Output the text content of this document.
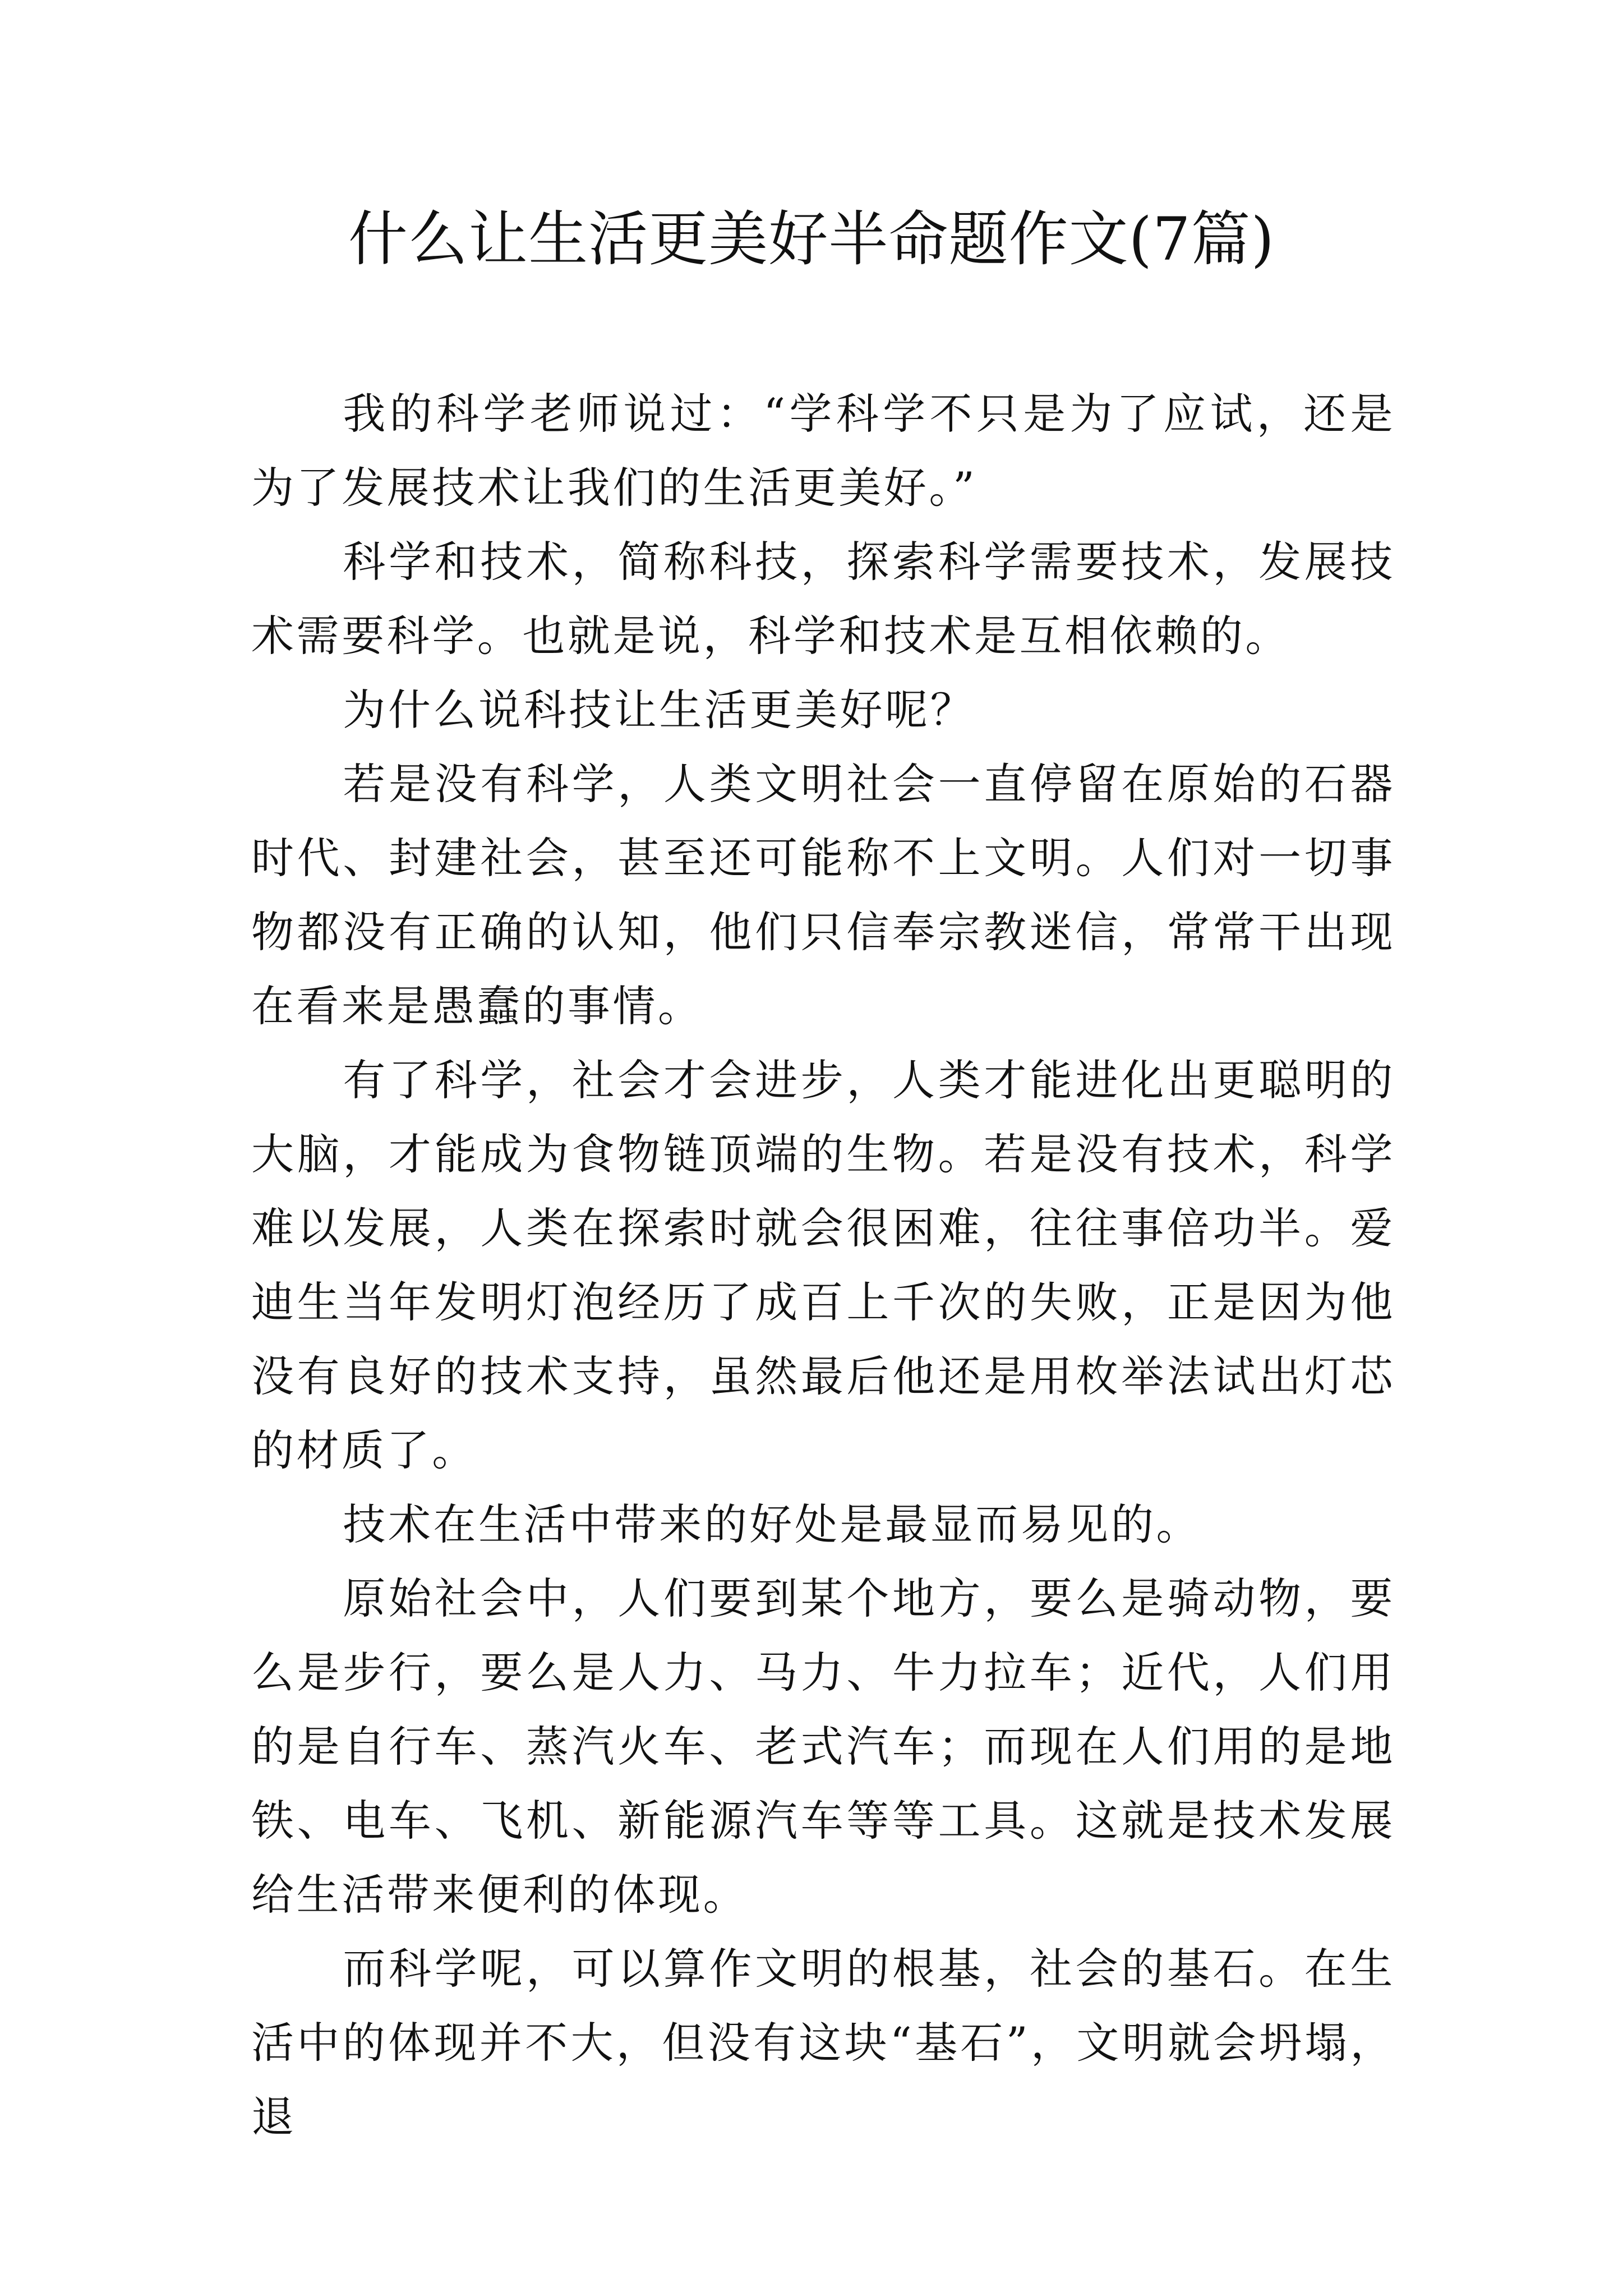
什么让生活更美好半命题作文(7篇)

我的科学老师说过：“学科学不只是为了应试，还是为了发展技术让我们的生活更美好。”

科学和技术，简称科技，探索科学需要技术，发展技术需要科学。也就是说，科学和技术是互相依赖的。

为什么说科技让生活更美好呢？

若是没有科学，人类文明社会一直停留在原始的石器时代、封建社会，甚至还可能称不上文明。人们对一切事物都没有正确的认知，他们只信奉宗教迷信，常常干出现在看来是愚蠢的事情。

有了科学，社会才会进步，人类才能进化出更聪明的大脑，才能成为食物链顶端的生物。若是没有技术，科学难以发展，人类在探索时就会很困难，往往事倍功半。爱迪生当年发明灯泡经历了成百上千次的失败，正是因为他没有良好的技术支持，虽然最后他还是用枚举法试出灯芯的材质了。

技术在生活中带来的好处是最显而易见的。

原始社会中，人们要到某个地方，要么是骑动物，要么是步行，要么是人力、马力、牛力拉车；近代，人们用的是自行车、蒸汽火车、老式汽车；而现在人们用的是地铁、电车、飞机、新能源汽车等等工具。这就是技术发展给生活带来便利的体现。

而科学呢，可以算作文明的根基，社会的基石。在生活中的体现并不大，但没有这块“基石”，文明就会坍塌，退
